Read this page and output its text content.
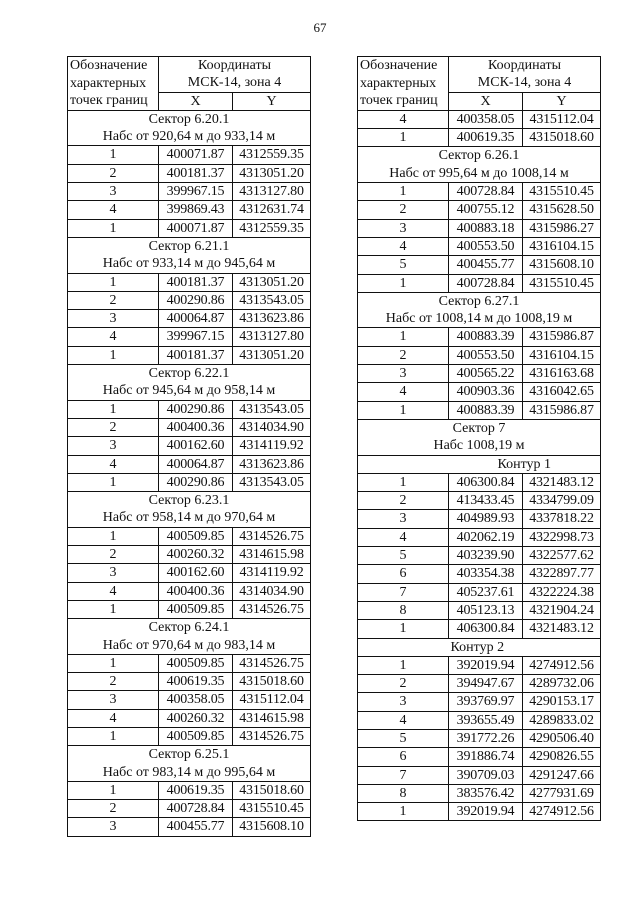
67
Обозначение	Координаты	
характерных	МСК-14, зона 4	
точек границ	X	Y
Сектор 6.20.1		
Набс от 920,64 м до 933,14 м		
1	400071.87	4312559.35
2	400181.37	4313051.20
3	399967.15	4313127.80
4	399869.43	4312631.74
1	400071.87	4312559.35
Сектор 6.21.1		
Набс от 933,14 м до 945,64 м		
1	400181.37	4313051.20
2	400290.86	4313543.05
3	400064.87	4313623.86
4	399967.15	4313127.80
1	400181.37	4313051.20
Сектор 6.22.1		
Набс от 945,64 м до 958,14 м		
1	400290.86	4313543.05
2	400400.36	4314034.90
3	400162.60	4314119.92
4	400064.87	4313623.86
1	400290.86	4313543.05
Сектор 6.23.1		
Набс от 958,14 м до 970,64 м		
1	400509.85	4314526.75
2	400260.32	4314615.98
3	400162.60	4314119.92
4	400400.36	4314034.90
1	400509.85	4314526.75
Сектор 6.24.1		
Набс от 970,64 м до 983,14 м		
1	400509.85	4314526.75
2	400619.35	4315018.60
3	400358.05	4315112.04
4	400260.32	4314615.98
1	400509.85	4314526.75
Сектор 6.25.1		
Набс от 983,14 м до 995,64 м		
1	400619.35	4315018.60
2	400728.84	4315510.45
3	400455.77	4315608.10
Обозначение	Координаты	
характерных	МСК-14, зона 4	
точек границ	X	Y
4	400358.05	4315112.04
1	400619.35	4315018.60
Сектор 6.26.1		
Набс от 995,64 м до 1008,14 м		
1	400728.84	4315510.45
2	400755.12	4315628.50
3	400883.18	4315986.27
4	400553.50	4316104.15
5	400455.77	4315608.10
1	400728.84	4315510.45
Сектор 6.27.1		
Набс от 1008,14 м до 1008,19 м		
1	400883.39	4315986.87
2	400553.50	4316104.15
3	400565.22	4316163.68
4	400903.36	4316042.65
1	400883.39	4315986.87
Сектор 7		
Набс 1008,19 м		
	Контур 1	
1	406300.84	4321483.12
2	413433.45	4334799.09
3	404989.93	4337818.22
4	402062.19	4322998.73
5	403239.90	4322577.62
6	403354.38	4322897.77
7	405237.61	4322224.38
8	405123.13	4321904.24
1	406300.84	4321483.12
	Контур 2	
1	392019.94	4274912.56
2	394947.67	4289732.06
3	393769.97	4290153.17
4	393655.49	4289833.02
5	391772.26	4290506.40
6	391886.74	4290826.55
7	390709.03	4291247.66
8	383576.42	4277931.69
1	392019.94	4274912.56
